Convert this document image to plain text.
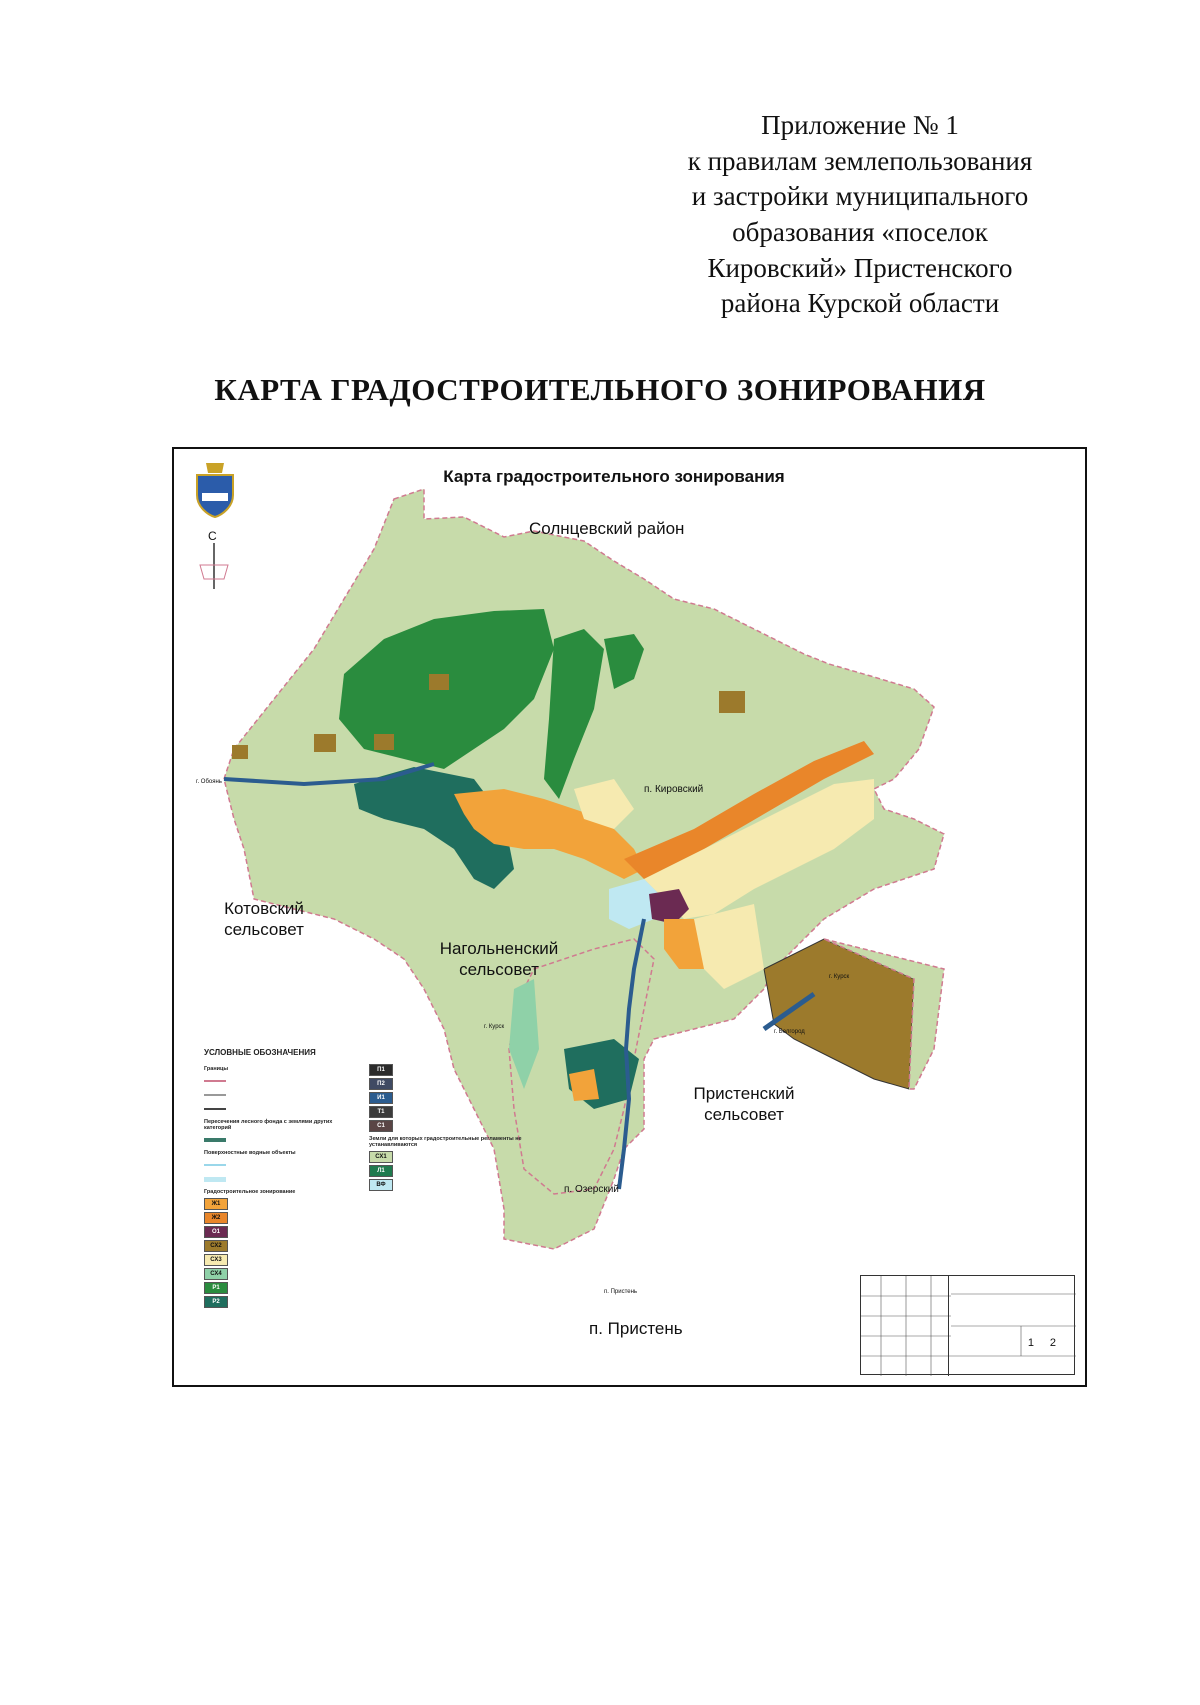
Приложение № 1
к правилам землепользования
и застройки муниципального
образования «поселок
Кировский» Пристенского
района Курской области
КАРТА ГРАДОСТРОИТЕЛЬНОГО ЗОНИРОВАНИЯ
Карта градостроительного зонирования
С	Солнцевский район
Котовский сельсовет
Нагольненский сельсовет
Пристенский сельсовет
п. Пристень
п. Кировский
п. Озерский
г. Обоянь
г. Курск
п. Пристень
г. Курск
г. Белгород
УСЛОВНЫЕ ОБОЗНАЧЕНИЯ
Границы
Пересечения лесного фонда с землями других категорий
Поверхностные водные объекты
Градостроительное зонирование
Ж1
Ж2
О1
СХ2
СХ3
СХ4
Р1
Р2
П1
П2
И1
Т1
С1
Земли для которых градостроительные регламенты не устанавливаются
СХ1
Л1
ВФ
1 2
